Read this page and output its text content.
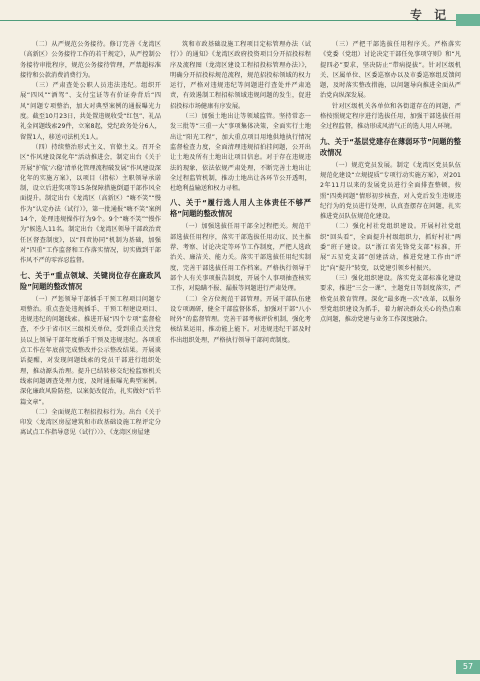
专 记

（二）从严规范公务接待。修订完善《龙湾区（高新区）公务接待工作的若干规定》，从严控制公务接待审批程序，规范公务接待管理，严禁超标准接待和公款消费消费行为。

（三）严肃查处公职人员违法违纪。组织开展“四风”“酒驾”、支付宝证等有价证券背后“四风”问题专项整治，加大对典型案例的通报曝光力度。截至10月23日，共处置违规收受“红包”、礼品礼金问题线索29件，立案8起，党纪政务处分6人，留置1人，移送司法机关1人。

（四）持续整治形式主义、官僚主义。召开全区“作风建设深化年”活动推进会，制定出台《关于开展“护航‘六稳’清单化管理流程破发展”作风建设深化年的实施方案》，以项目（指标）主职领导承诺制，设立后进奖项等15条保障措施倒逼干部作风全面提升。制定出台《龙湾区（高新区）“嗨不笑”“慢作为”认定办法（试行）》，第一批通报“嗨不笑”案例14个，处理违规操作行为9个。9个“嗨不笑”“慢作为”候选人11名。制定出台《龙湾区领导干部政治责任区督查制度》，以“四责协同”机制为基础，加强对“四重”工作监督和工作落实情况，切实做到干部作风不严的零容忍监督。

七、关于“重点领域、关键岗位存在廉政风险”问题的整改情况

（一）严惩领导干部插手干预工程项目问题专项整治。重点查处违规插手、干预工程建设项目、违规违纪的问题线索。推进开展“四个专项”监督检查，不少于省市区三级相关单位，受到重点关注党员以上领导干部年度插手干预及违规违纪。各项重点工作在年底前完成整改并公示整改结果。开展谈话提醒，对发现问题线索的党员干部进行组织处理，推动源头治理。提升已结转移交纪检监察机关线索问题调查处理力度，及时通报曝光典型案例。深化廉政风险防控，以案促改促治，扎实做好“后半篇文章”。

（二）全面规范工程招投标行为。出台《关于印发〈龙湾区房屋建筑和市政基础设施工程评定分离试点工作指导意见（试行）〉》、《龙湾区房屋建

筑和市政基础设施工程项目定标管理办法（试行）》的通知》《龙湾区政府投资项目分开招投标程序及流程图（龙湾区建设工程招投标管理办法）》，明确分开招投标规范流程，规范招投标领域的权力运行，严格对违规违纪等问题进行查处并严肃追责，有效遏制工程招标领域违规问题的发生，促进招投标市场健康有序发展。

（三）加强土地出让等领域监管。坚持常态一发三批等“三重一大”事项集体决策，全面实行土地出让“阳光工程”，加大重点项目用地供地执行情况监督检查力度，全面清理违规招拍挂问题，公开出让土地及所有土地出让项目信息。对于存在违规违法的现象，依法依规严肃处理，不断完善土地出让全过程监管机制，推动土地出让各环节公开透明，杜绝利益输送和权力寻租。

八、关于“履行选人用人主体责任不够严格”问题的整改情况

（一）加强选拔任用干部全过程把关。规范干部选拔任用程序，落实干部选拔任用动议、民主推荐、考察、讨论决定等环节工作制度，严把人选政治关、廉洁关、能力关。落实干部选拔任用纪实制度，完善干部选拔任用工作档案。严格执行领导干部个人有关事项报告制度，开展个人事项抽查核实工作，对隐瞒不报、漏报等问题进行严肃处理。

（二）全方位规范干部管理。开展干部队伍建设专项调研，健全干部监督体系，加强对干部“八小时外”的监督管理。完善干部考核评价机制，强化考核结果运用，推动能上能下。对违规违纪干部及时作出组织处理，严格执行领导干部问责制度。

（三）严把干部选拔任用程序关。严格落实《党委（党组）讨论决定干部任免事项守则》和“凡提四必”要求，坚决防止“带病提拔”。针对区级机关、区属单位、区委巡察办以及市委巡察组反馈问题，及时落实整改措施，以问题导向推进全面从严治党向纵深发展。

针对区级机关各单位和各街道存在的问题，严格按照规定程序进行选拔任用，加强干部选拔任用全过程监督，推动形成风清气正的选人用人环境。

九、关于“基层党建存在薄弱环节”问题的整改情况

（一）规范党员发展。制定《龙湾区党员队伍规范化建设“立规提质”专项行动实施方案》，对2012年11月以来的发展党员进行全面排查整顿，按照“四类问题”情形初步核查，对入党后发生违规违纪行为的党员进行处理，认真查摆存在问题，扎实推进党员队伍规范化建设。

（二）强化村社党组织建设。开展村社党组织“回头看”，全面提升村级组织力，抓好村社“两委”班子建设。以“浙江省先锋党支部”标准，开展“五星党支部”创建活动，推进党建工作由“评比”向“提升”转变，以党建引领乡村振兴。

（三）强化组织建设。落实党支部标准化建设要求，推进“三会一课”、主题党日等制度落实，严格党员教育管理。深化“最多跑一次”改革，以服务型党组织建设为抓手，着力解决群众关心的热点难点问题，推动党建与业务工作深度融合。

57
